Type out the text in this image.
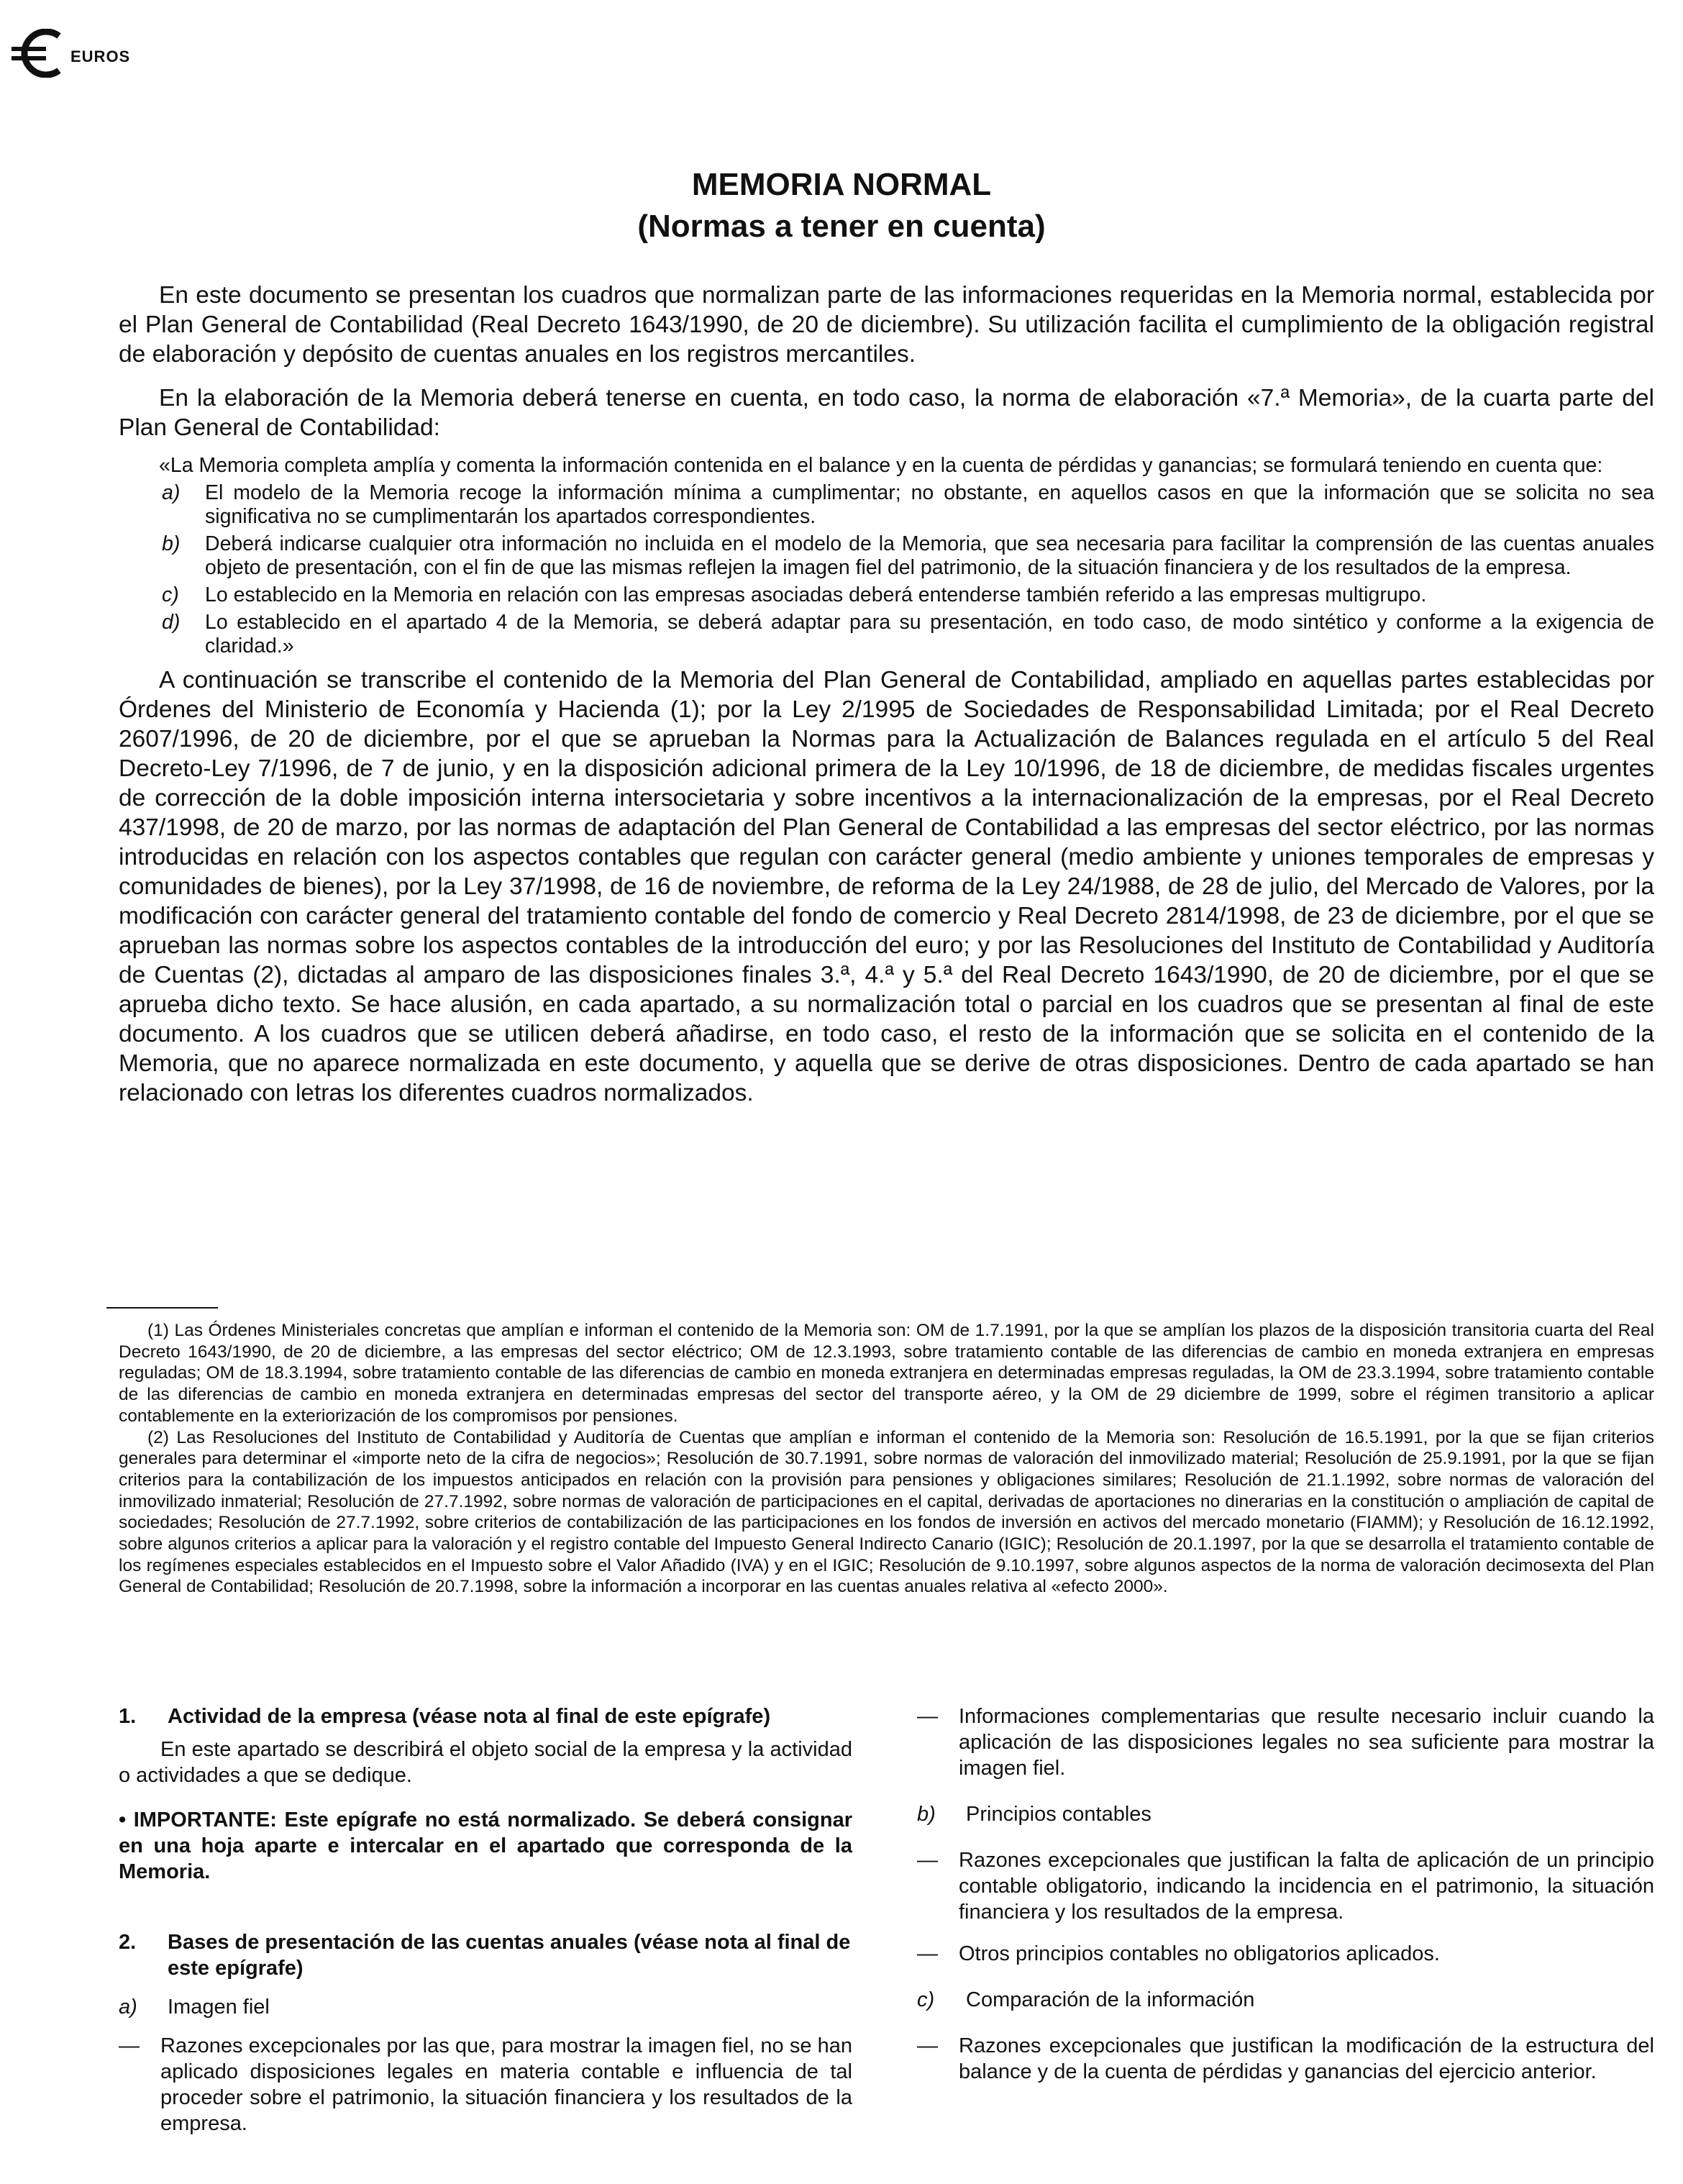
EUROS
MEMORIA NORMAL
(Normas a tener en cuenta)

En este documento se presentan los cuadros que normalizan parte de las informaciones requeridas en la Memoria normal, establecida por el Plan General de Contabilidad (Real Decreto 1643/1990, de 20 de diciembre). Su utilización facilita el cumplimiento de la obligación registral de elaboración y depósito de cuentas anuales en los registros mercantiles.

En la elaboración de la Memoria deberá tenerse en cuenta, en todo caso, la norma de elaboración «7.ª Memoria», de la cuarta parte del Plan General de Contabilidad:

«La Memoria completa amplía y comenta la información contenida en el balance y en la cuenta de pérdidas y ganancias; se formulará teniendo en cuenta que:

a)	El modelo de la Memoria recoge la información mínima a cumplimentar; no obstante, en aquellos casos en que la información que se solicita no sea significativa no se cumplimentarán los apartados correspondientes.
b)	Deberá indicarse cualquier otra información no incluida en el modelo de la Memoria, que sea necesaria para facilitar la comprensión de las cuentas anuales objeto de presentación, con el fin de que las mismas reflejen la imagen fiel del patrimonio, de la situación financiera y de los resultados de la empresa.
c)	Lo establecido en la Memoria en relación con las empresas asociadas deberá entenderse también referido a las empresas multigrupo.
d)	Lo establecido en el apartado 4 de la Memoria, se deberá adaptar para su presentación, en todo caso, de modo sintético y conforme a la exigencia de claridad.»

A continuación se transcribe el contenido de la Memoria del Plan General de Contabilidad, ampliado en aquellas partes establecidas por Órdenes del Ministerio de Economía y Hacienda (1); por la Ley 2/1995 de Sociedades de Responsabilidad Limitada; por el Real Decreto 2607/1996, de 20 de diciembre, por el que se aprueban la Normas para la Actualización de Balances regulada en el artículo 5 del Real Decreto-Ley 7/1996, de 7 de junio, y en la disposición adicional primera de la Ley 10/1996, de 18 de diciembre, de medidas fiscales urgentes de corrección de la doble imposición interna intersocietaria y sobre incentivos a la internacionalización de la empresas, por el Real Decreto 437/1998, de 20 de marzo, por las normas de adaptación del Plan General de Contabilidad a las empresas del sector eléctrico, por las normas introducidas en relación con los aspectos contables que regulan con carácter general (medio ambiente y uniones temporales de empresas y comunidades de bienes), por la Ley 37/1998, de 16 de noviembre, de reforma de la Ley 24/1988, de 28 de julio, del Mercado de Valores, por la modificación con carácter general del tratamiento contable del fondo de comercio y Real Decreto 2814/1998, de 23 de diciembre, por el que se aprueban las normas sobre los aspectos contables de la introducción del euro; y por las Resoluciones del Instituto de Contabilidad y Auditoría de Cuentas (2), dictadas al amparo de las disposiciones finales 3.ª, 4.ª y 5.ª del Real Decreto 1643/1990, de 20 de diciembre, por el que se aprueba dicho texto. Se hace alusión, en cada apartado, a su normalización total o parcial en los cuadros que se presentan al final de este documento. A los cuadros que se utilicen deberá añadirse, en todo caso, el resto de la información que se solicita en el contenido de la Memoria, que no aparece normalizada en este documento, y aquella que se derive de otras disposiciones. Dentro de cada apartado se han relacionado con letras los diferentes cuadros normalizados.

(1) Las Órdenes Ministeriales concretas que amplían e informan el contenido de la Memoria son: OM de 1.7.1991, por la que se amplían los plazos de la disposición transitoria cuarta del Real Decreto 1643/1990, de 20 de diciembre, a las empresas del sector eléctrico; OM de 12.3.1993, sobre tratamiento contable de las diferencias de cambio en moneda extranjera en empresas reguladas; OM de 18.3.1994, sobre tratamiento contable de las diferencias de cambio en moneda extranjera en determinadas empresas reguladas, la OM de 23.3.1994, sobre tratamiento contable de las diferencias de cambio en moneda extranjera en determinadas empresas del sector del transporte aéreo, y la OM de 29 diciembre de 1999, sobre el régimen transitorio a aplicar contablemente en la exteriorización de los compromisos por pensiones.

(2) Las Resoluciones del Instituto de Contabilidad y Auditoría de Cuentas que amplían e informan el contenido de la Memoria son: Resolución de 16.5.1991, por la que se fijan criterios generales para determinar el «importe neto de la cifra de negocios»; Resolución de 30.7.1991, sobre normas de valoración del inmovilizado material; Resolución de 25.9.1991, por la que se fijan criterios para la contabilización de los impuestos anticipados en relación con la provisión para pensiones y obligaciones similares; Resolución de 21.1.1992, sobre normas de valoración del inmovilizado inmaterial; Resolución de 27.7.1992, sobre normas de valoración de participaciones en el capital, derivadas de aportaciones no dinerarias en la constitución o ampliación de capital de sociedades; Resolución de 27.7.1992, sobre criterios de contabilización de las participaciones en los fondos de inversión en activos del mercado monetario (FIAMM); y Resolución de 16.12.1992, sobre algunos criterios a aplicar para la valoración y el registro contable del Impuesto General Indirecto Canario (IGIC); Resolución de 20.1.1997, por la que se desarrolla el tratamiento contable de los regímenes especiales establecidos en el Impuesto sobre el Valor Añadido (IVA) y en el IGIC; Resolución de 9.10.1997, sobre algunos aspectos de la norma de valoración decimosexta del Plan General de Contabilidad; Resolución de 20.7.1998, sobre la información a incorporar en las cuentas anuales relativa al «efecto 2000».

1.	Actividad de la empresa (véase nota al final de este epígrafe)
En este apartado se describirá el objeto social de la empresa y la actividad o actividades a que se dedique.
• IMPORTANTE: Este epígrafe no está normalizado. Se deberá consignar en una hoja aparte e intercalar en el apartado que corresponda de la Memoria.
2.	Bases de presentación de las cuentas anuales (véase nota al final de este epígrafe)
a)	Imagen fiel
—	Razones excepcionales por las que, para mostrar la imagen fiel, no se han aplicado disposiciones legales en materia contable e influencia de tal proceder sobre el patrimonio, la situación financiera y los resultados de la empresa.
—	Informaciones complementarias que resulte necesario incluir cuando la aplicación de las disposiciones legales no sea suficiente para mostrar la imagen fiel.
b)	Principios contables
—	Razones excepcionales que justifican la falta de aplicación de un principio contable obligatorio, indicando la incidencia en el patrimonio, la situación financiera y los resultados de la empresa.
—	Otros principios contables no obligatorios aplicados.
c)	Comparación de la información
—	Razones excepcionales que justifican la modificación de la estructura del balance y de la cuenta de pérdidas y ganancias del ejercicio anterior.
